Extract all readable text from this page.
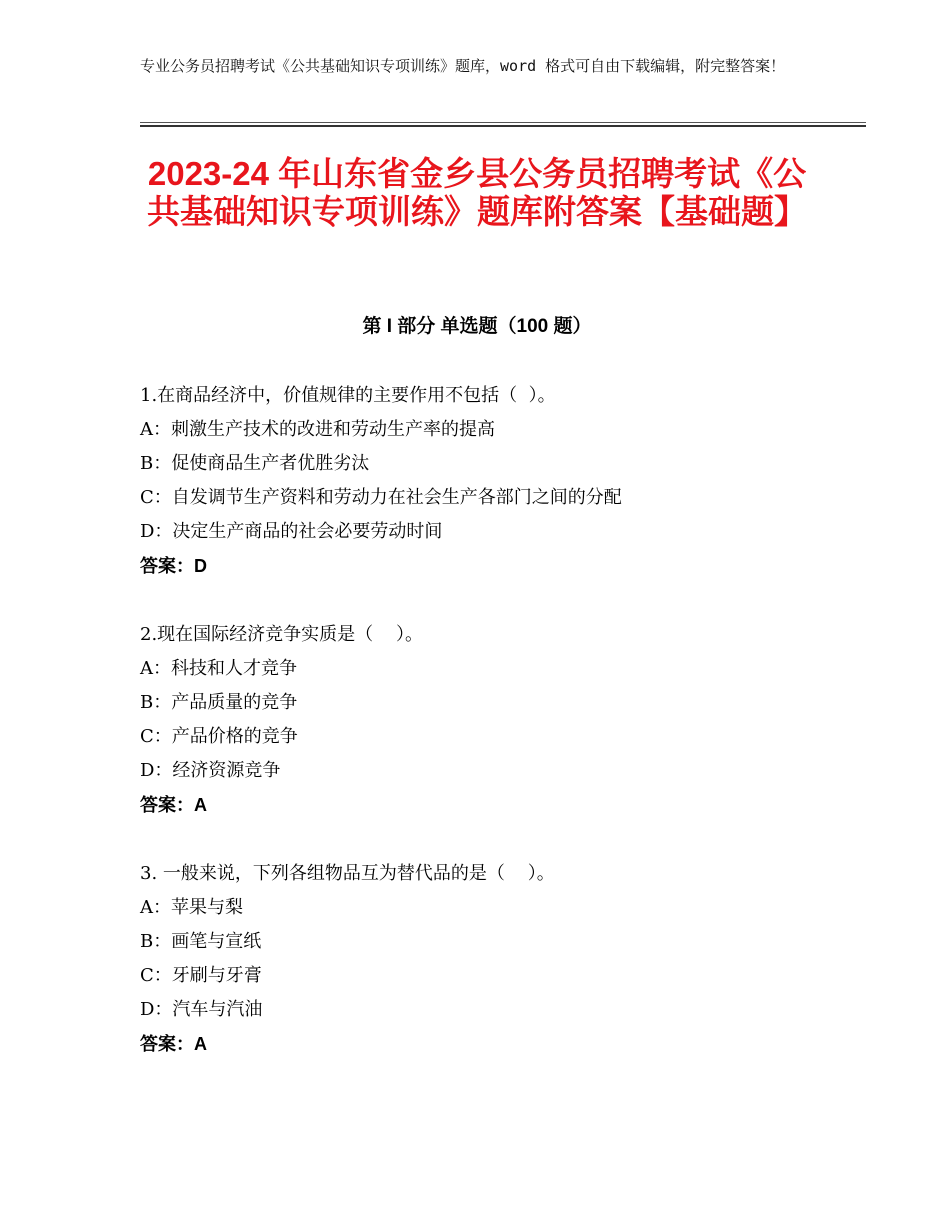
专业公务员招聘考试《公共基础知识专项训练》题库，word 格式可自由下载编辑，附完整答案！
2023-24 年山东省金乡县公务员招聘考试《公共基础知识专项训练》题库附答案【基础题】
第 I 部分 单选题（100 题）
1.在商品经济中，价值规律的主要作用不包括（  ）。
A：刺激生产技术的改进和劳动生产率的提高
B：促使商品生产者优胜劣汰
C：自发调节生产资料和劳动力在社会生产各部门之间的分配
D：决定生产商品的社会必要劳动时间
答案：D
2.现在国际经济竞争实质是（    ）。
A：科技和人才竞争
B：产品质量的竞争
C：产品价格的竞争
D：经济资源竞争
答案：A
3. 一般来说，下列各组物品互为替代品的是（    ）。
A：苹果与梨
B：画笔与宣纸
C：牙刷与牙膏
D：汽车与汽油
答案：A
